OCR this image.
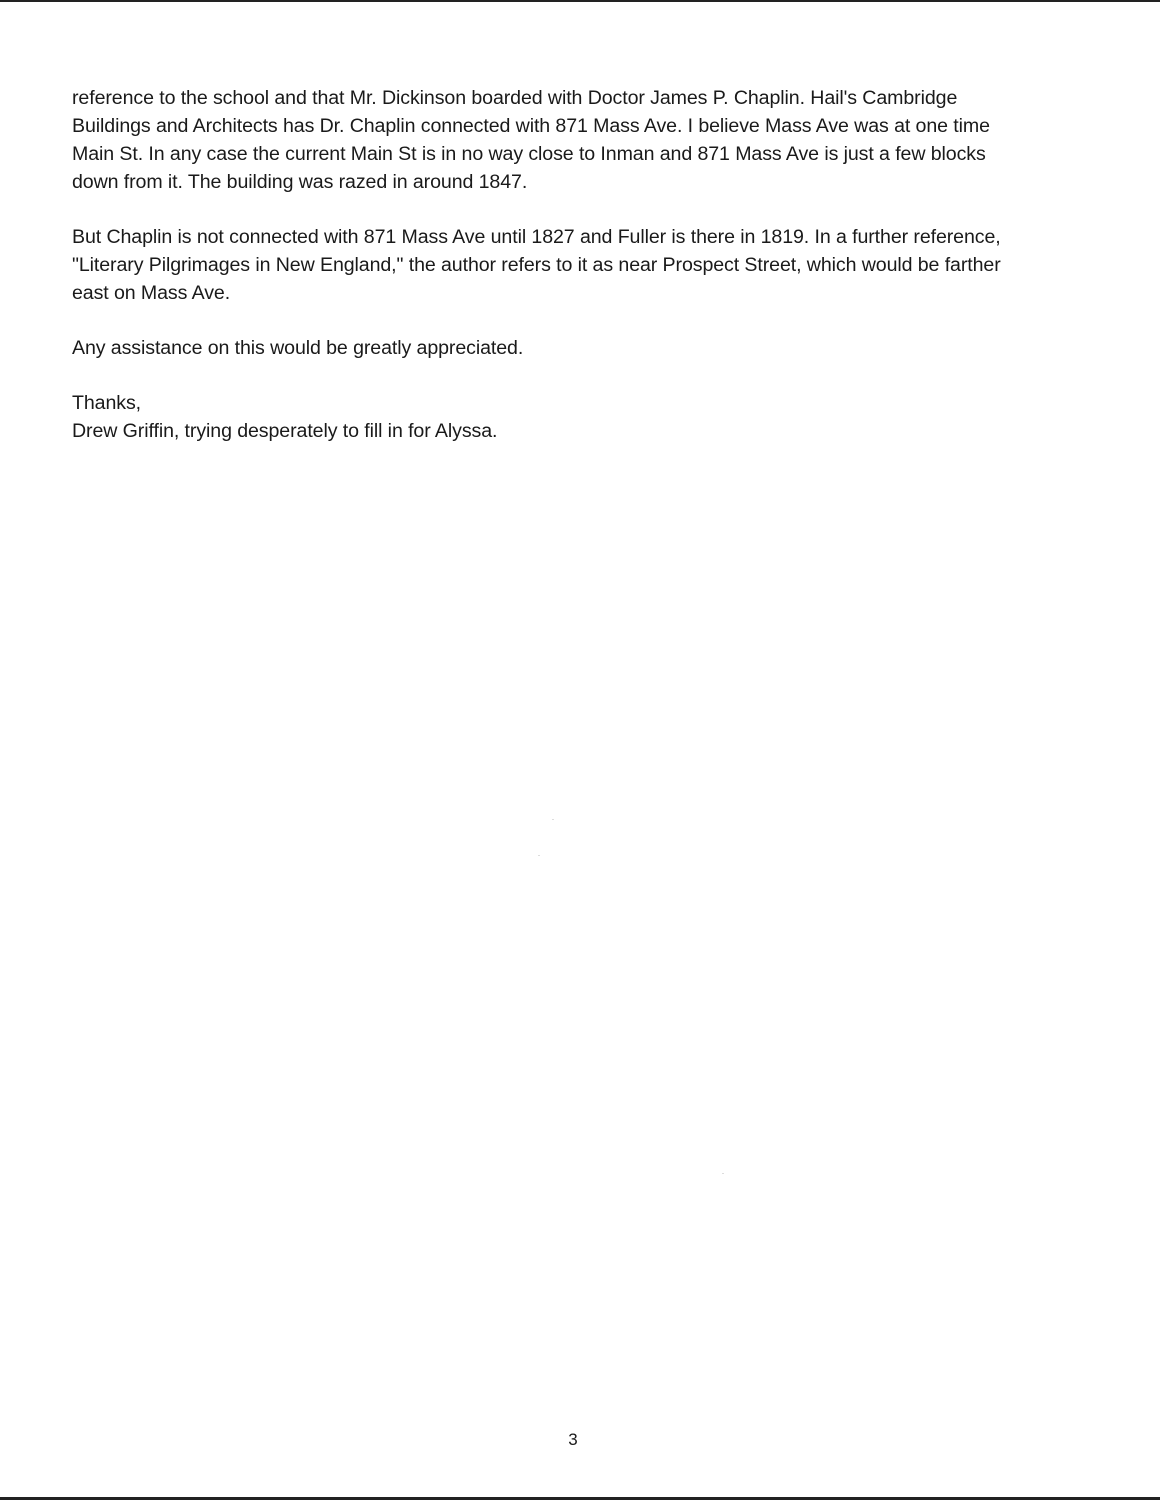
reference to the school and that Mr. Dickinson boarded with Doctor James P. Chaplin. Hail's Cambridge
Buildings and Architects has Dr. Chaplin connected with 871 Mass Ave. I believe Mass Ave was at one time
Main St. In any case the current Main St is in no way close to Inman and 871 Mass Ave is just a few blocks
down from it. The building was razed in around 1847.

But Chaplin is not connected with 871 Mass Ave until 1827 and Fuller is there in 1819. In a further reference,
"Literary Pilgrimages in New England," the author refers to it as near Prospect Street, which would be farther
east on Mass Ave.

Any assistance on this would be greatly appreciated.

Thanks,
Drew Griffin, trying desperately to fill in for Alyssa.

3
